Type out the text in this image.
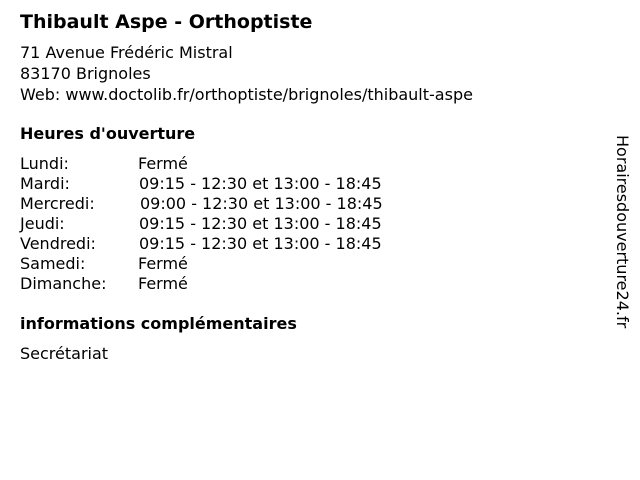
Thibault Aspe - Orthoptiste
71 Avenue Frédéric Mistral
83170 Brignoles
Web: www.doctolib.fr/orthoptiste/brignoles/thibault-aspe
Heures d'ouverture
Lundi:	Fermé
Mardi:	09:15 - 12:30 et 13:00 - 18:45
Mercredi:	09:00 - 12:30 et 13:00 - 18:45
Jeudi:	09:15 - 12:30 et 13:00 - 18:45
Vendredi:	09:15 - 12:30 et 13:00 - 18:45
Samedi:	Fermé
Dimanche: Fermé
informations complémentaires
Secrétariat
Horairesdouverture24.fr
